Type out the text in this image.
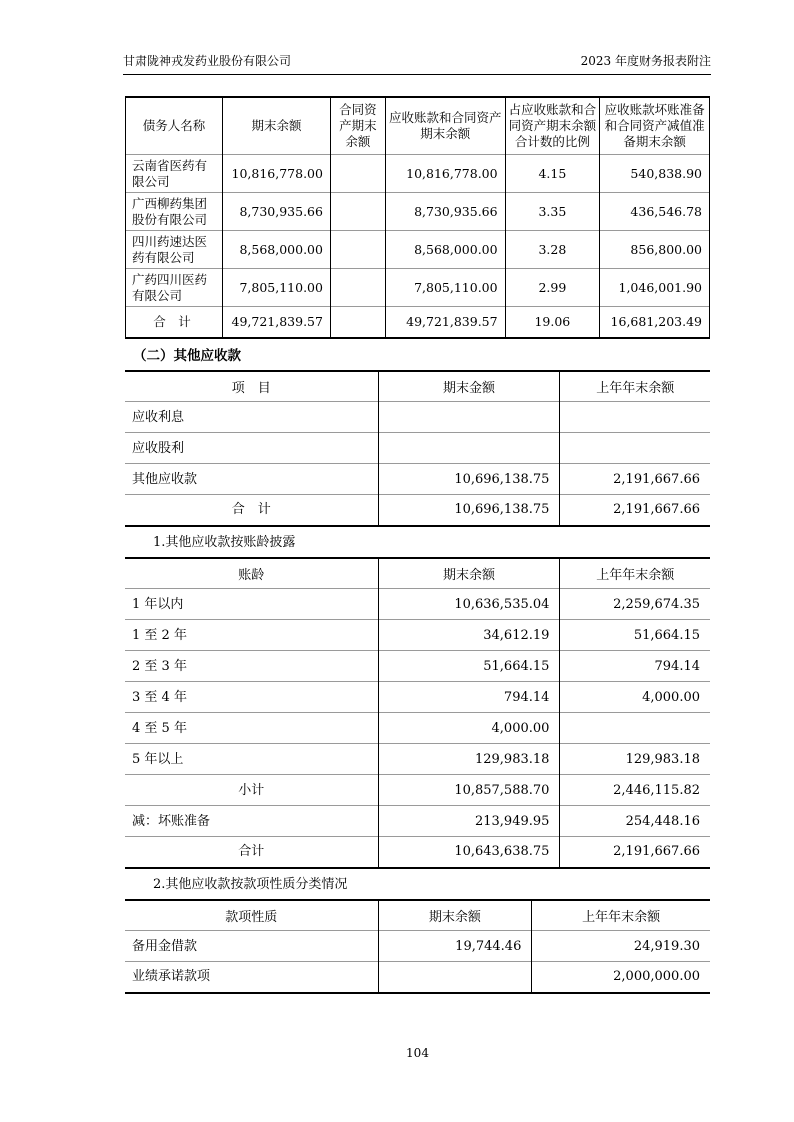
甘肃陇神戎发药业股份有限公司	2023 年度财务报表附注
债务人名称	期末余额	合同资产期末余额	应收账款和合同资产期末余额	占应收账款和合同资产期末余额合计数的比例	应收账款坏账准备和合同资产减值准备期末余额
云南省医药有限公司	10,816,778.00		10,816,778.00	4.15	540,838.90
广西柳药集团股份有限公司	8,730,935.66		8,730,935.66	3.35	436,546.78
四川药速达医药有限公司	8,568,000.00		8,568,000.00	3.28	856,800.00
广药四川医药有限公司	7,805,110.00		7,805,110.00	2.99	1,046,001.90
合　计	49,721,839.57		49,721,839.57	19.06	16,681,203.49
（二）其他应收款
项　目	期末金额	上年年末余额
应收利息		
应收股利		
其他应收款	10,696,138.75	2,191,667.66
合　计	10,696,138.75	2,191,667.66
1.其他应收款按账龄披露
账龄	期末余额	上年年末余额
1 年以内	10,636,535.04	2,259,674.35
1 至 2 年	34,612.19	51,664.15
2 至 3 年	51,664.15	794.14
3 至 4 年	794.14	4,000.00
4 至 5 年	4,000.00	
5 年以上	129,983.18	129,983.18
小计	10,857,588.70	2,446,115.82
减：坏账准备	213,949.95	254,448.16
合计	10,643,638.75	2,191,667.66
2.其他应收款按款项性质分类情况
款项性质	期末余额	上年年末余额
备用金借款	19,744.46	24,919.30
业绩承诺款项		2,000,000.00
104
